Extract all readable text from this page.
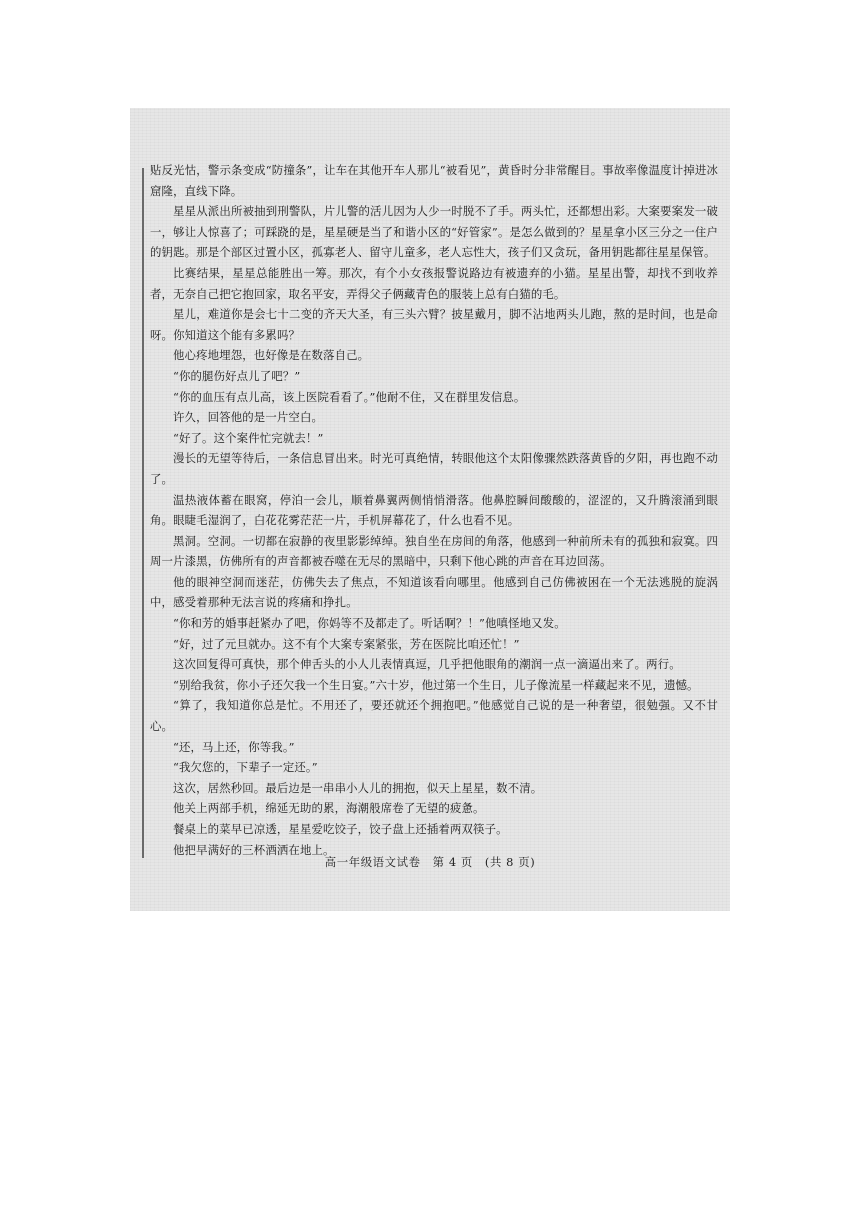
贴反光怙，警示条变成“防撞条”，让车在其他开车人那儿“被看见”，黄昏时分非常醒目。事故率像温度计掉进冰窟隆，直线下降。

星星从派出所被抽到刑警队，片儿警的活儿因为人少一时脱不了手。两头忙，还都想出彩。大案要案发一破一，够让人惊喜了；可踩跷的是，星星硬是当了和谐小区的“好管家”。是怎么做到的？星星拿小区三分之一住户的钥匙。那是个部区过置小区，孤寡老人、留守儿童多，老人忘性大，孩子们又贪玩，备用钥匙都往星星保管。

比赛结果，星星总能胜出一筹。那次，有个小女孩报警说路边有被遗弃的小猫。星星出警，却找不到收养者，无奈自己把它抱回家，取名平安，弄得父子俩藏青色的服装上总有白猫的毛。

星儿，难道你是会七十二变的齐天大圣，有三头六臂？披星戴月，脚不沾地两头儿跑，熬的是时间，也是命呀。你知道这个能有多累吗？

他心疼地埋怨，也好像是在数落自己。

“你的腿伤好点儿了吧？”

“你的血压有点儿高，该上医院看看了。”他耐不住，又在群里发信息。

许久，回答他的是一片空白。

“好了。这个案件忙完就去！”

漫长的无望等待后，一条信息冒出来。时光可真绝情，转眼他这个太阳像骤然跌落黄昏的夕阳，再也跑不动了。

温热液体蓄在眼窝，停泊一会儿，顺着鼻翼两侧悄悄滑落。他鼻腔瞬间酸酸的，涩涩的，又升腾滚涌到眼角。眼睫毛湿润了，白花花雾茫茫一片，手机屏幕花了，什么也看不见。

黑洞。空洞。一切都在寂静的夜里影影绰绰。独自坐在房间的角落，他感到一种前所未有的孤独和寂寞。四周一片漆黑，仿佛所有的声音都被吞噬在无尽的黑暗中，只剩下他心跳的声音在耳边回荡。

他的眼神空洞而迷茫，仿佛失去了焦点，不知道该看向哪里。他感到自己仿佛被困在一个无法逃脱的旋涡中，感受着那种无法言说的疼痛和挣扎。

“你和芳的婚事赶紧办了吧，你妈等不及都走了。听话啊？！”他嗔怪地又发。

“好，过了元旦就办。这不有个大案专案紧张，芳在医院比咱还忙！”

这次回复得可真快，那个伸舌头的小人儿表情真逗，几乎把他眼角的潮润一点一滴逼出来了。两行。

“别给我贫，你小子还欠我一个生日宴。”六十岁，他过第一个生日，儿子像流星一样藏起来不见，遗憾。

“算了，我知道你总是忙。不用还了，要还就还个拥抱吧。”他感觉自己说的是一种奢望，很勉强。又不甘心。

“还，马上还，你等我。”

“我欠您的，下辈子一定还。”

这次，居然秒回。最后边是一串串小人儿的拥抱，似天上星星，数不清。

他关上两部手机，绵延无助的累，海潮般席卷了无望的疲惫。

餐桌上的菜早已凉透，星星爱吃饺子，饺子盘上还插着两双筷子。

他把早满好的三杯酒洒在地上。

高一年级语文试卷　第 4 页　(共 8 页)
